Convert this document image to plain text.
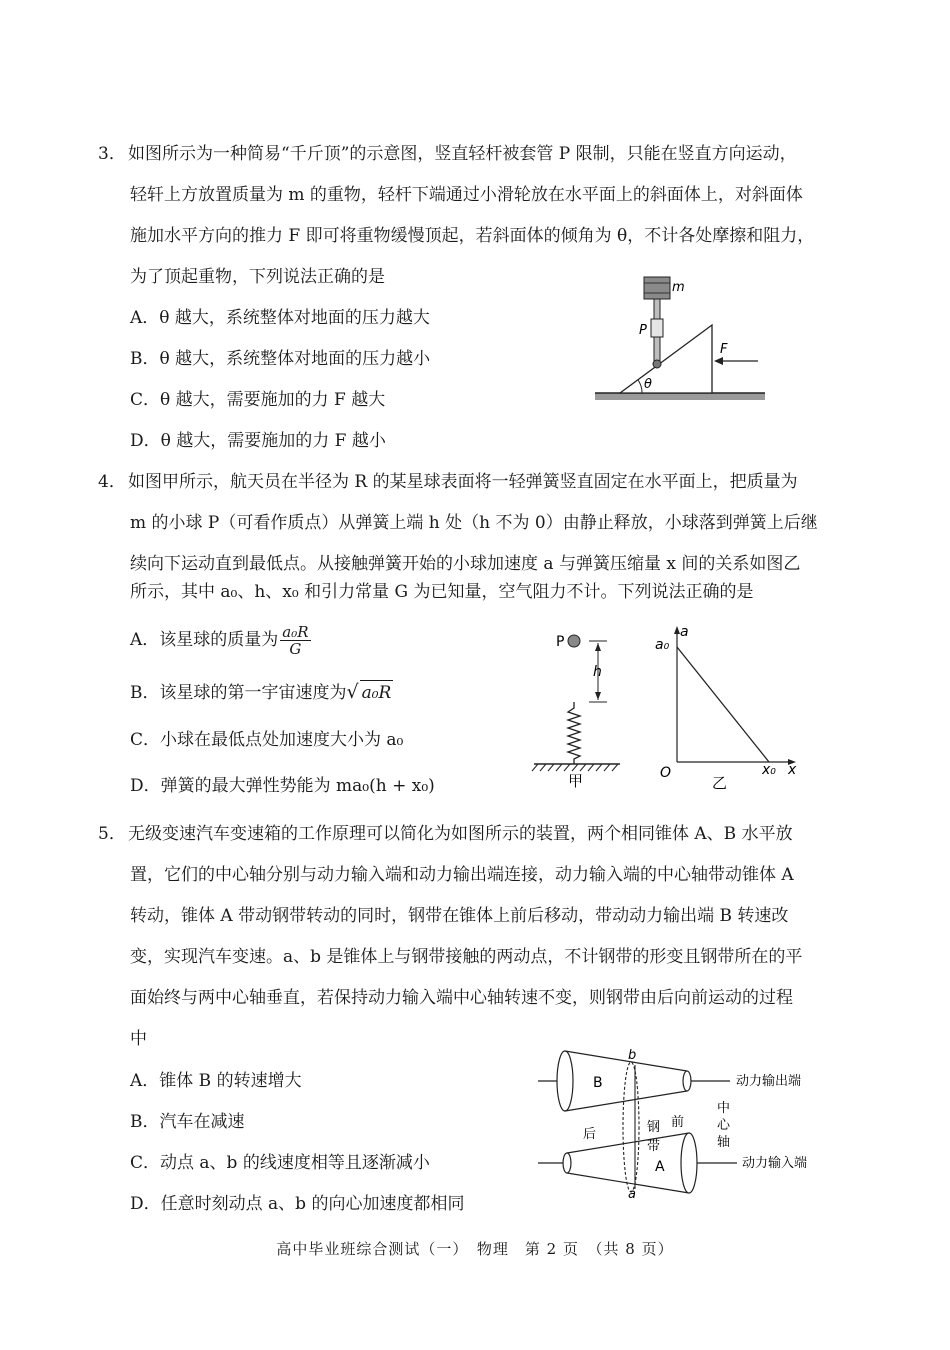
3． 如图所示为一种简易“千斤顶”的示意图，竖直轻杆被套管 P 限制，只能在竖直方向运动，
轻轩上方放置质量为 m 的重物，轻杆下端通过小滑轮放在水平面上的斜面体上，对斜面体
施加水平方向的推力 F 即可将重物缓慢顶起，若斜面体的倾角为 θ，不计各处摩擦和阻力，
为了顶起重物，下列说法正确的是
A．θ 越大，系统整体对地面的压力越大
B．θ 越大，系统整体对地面的压力越小
C．θ 越大，需要施加的力 F 越大
D．θ 越大，需要施加的力 F 越小
θ
m
P
F
4． 如图甲所示，航天员在半径为 R 的某星球表面将一轻弹簧竖直固定在水平面上，把质量为
m 的小球 P（可看作质点）从弹簧上端 h 处（h 不为 0）由静止释放，小球落到弹簧上后继
续向下运动直到最低点。从接触弹簧开始的小球加速度 a 与弹簧压缩量 x 间的关系如图乙
所示，其中 a₀、h、x₀ 和引力常量 G 为已知量，空气阻力不计。下列说法正确的是
A．该星球的质量为 $\frac{\text{a₀R}}{G}$
B．该星球的第一宇宙速度为√ a₀R
C．小球在最低点处加速度大小为 a₀
D．弹簧的最大弹性势能为 ma₀(h + x₀)
P
h
甲
a
x
a₀
O	x₀
乙
5． 无级变速汽车变速箱的工作原理可以简化为如图所示的装置，两个相同锥体 A、B 水平放
置，它们的中心轴分别与动力输入端和动力输出端连接，动力输入端的中心轴带动锥体 A
转动，锥体 A 带动钢带转动的同时，钢带在锥体上前后移动，带动动力输出端 B 转速改
变，实现汽车变速。a、b 是锥体上与钢带接触的两动点，不计钢带的形变且钢带所在的平
面始终与两中心轴垂直，若保持动力输入端中心轴转速不变，则钢带由后向前运动的过程
中
A．锥体 B 的转速增大
B．汽车在减速
C．动点 a、b 的线速度相等且逐渐减小
D．任意时刻动点 a、b 的向心加速度都相同
B	动力输出端
b
A	动力输入端
a
钢
带
后
前
中
心
轴
高中毕业班综合测试（一）　物理　第 2 页　（共 8 页）
